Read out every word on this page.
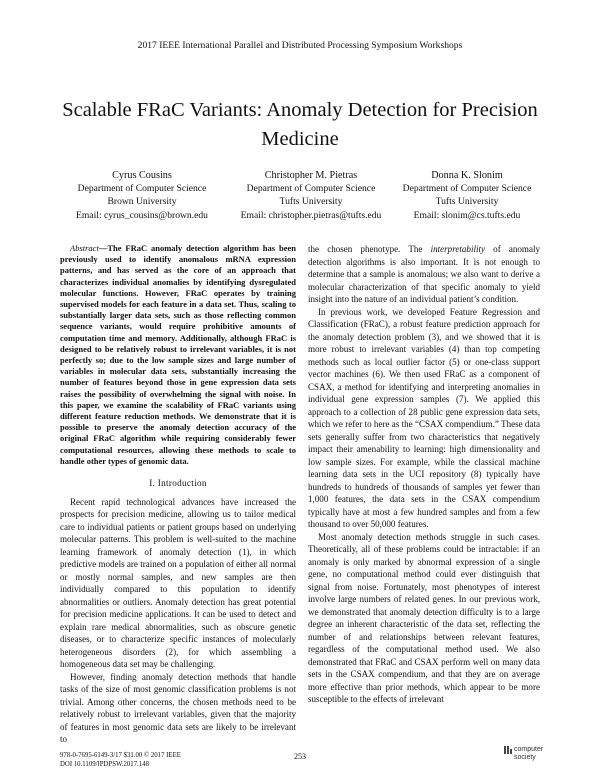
2017 IEEE International Parallel and Distributed Processing Symposium Workshops
Scalable FRaC Variants: Anomaly Detection for Precision Medicine
Cyrus Cousins
Department of Computer Science
Brown University
Email: cyrus_cousins@brown.edu
Christopher M. Pietras
Department of Computer Science
Tufts University
Email: christopher.pietras@tufts.edu
Donna K. Slonim
Department of Computer Science
Tufts University
Email: slonim@cs.tufts.edu

Abstract—The FRaC anomaly detection algorithm has been previously used to identify anomalous mRNA expression patterns, and has served as the core of an approach that characterizes individual anomalies by identifying dysregulated molecular functions. However, FRaC operates by training supervised models for each feature in a data set. Thus, scaling to substantially larger data sets, such as those reflecting common sequence variants, would require prohibitive amounts of computation time and memory. Additionally, although FRaC is designed to be relatively robust to irrelevant variables, it is not perfectly so; due to the low sample sizes and large number of variables in molecular data sets, substantially increasing the number of features beyond those in gene expression data sets raises the possibility of overwhelming the signal with noise. In this paper, we examine the scalability of FRaC variants using different feature reduction methods. We demonstrate that it is possible to preserve the anomaly detection accuracy of the original FRaC algorithm while requiring considerably fewer computational resources, allowing these methods to scale to handle other types of genomic data.

I. Introduction

Recent rapid technological advances have increased the prospects for precision medicine, allowing us to tailor medical care to individual patients or patient groups based on underlying molecular patterns. This problem is well-suited to the machine learning framework of anomaly detection (1), in which predictive models are trained on a population of either all normal or mostly normal samples, and new samples are then individually compared to this population to identify abnormalities or outliers. Anomaly detection has great potential for precision medicine applications. It can be used to detect and explain rare medical abnormalities, such as obscure genetic diseases, or to characterize specific instances of molecularly heterogeneous disorders (2), for which assembling a homogeneous data set may be challenging.

However, finding anomaly detection methods that handle tasks of the size of most genomic classification problems is not trivial. Among other concerns, the chosen methods need to be relatively robust to irrelevant variables, given that the majority of features in most genomic data sets are likely to be irrelevant to

the chosen phenotype. The interpretability of anomaly detection algorithms is also important. It is not enough to determine that a sample is anomalous; we also want to derive a molecular characterization of that specific anomaly to yield insight into the nature of an individual patient’s condition.

In previous work, we developed Feature Regression and Classification (FRaC), a robust feature prediction approach for the anomaly detection problem (3), and we showed that it is more robust to irrelevant variables (4) than top competing methods such as local outlier factor (5) or one-class support vector machines (6). We then used FRaC as a component of CSAX, a method for identifying and interpreting anomalies in individual gene expression samples (7). We applied this approach to a collection of 28 public gene expression data sets, which we refer to here as the “CSAX compendium.” These data sets generally suffer from two characteristics that negatively impact their amenability to learning: high dimensionality and low sample sizes. For example, while the classical machine learning data sets in the UCI repository (8) typically have hundreds to hundreds of thousands of samples yet fewer than 1,000 features, the data sets in the CSAX compendium typically have at most a few hundred samples and from a few thousand to over 50,000 features.

Most anomaly detection methods struggle in such cases. Theoretically, all of these problems could be intractable: if an anomaly is only marked by abnormal expression of a single gene, no computational method could ever distinguish that signal from noise. Fortunately, most phenotypes of interest involve large numbers of related genes. In our previous work, we demonstrated that anomaly detection difficulty is to a large degree an inherent characteristic of the data set, reflecting the number of and relationships between relevant features, regardless of the computational method used. We also demonstrated that FRaC and CSAX perform well on many data sets in the CSAX compendium, and that they are on average more effective than prior methods, which appear to be more susceptible to the effects of irrelevant

978-0-7695-6149-3/17 $31.00 © 2017 IEEE
DOI 10.1109/IPDPSW.2017.148
253
computer
society
